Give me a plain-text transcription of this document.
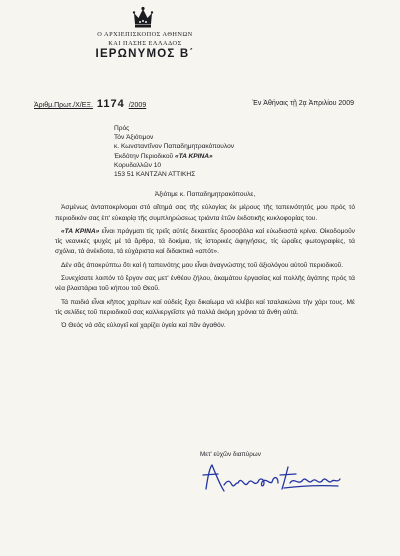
Ο ΑΡΧΙΕΠΙΣΚΟΠΟΣ ΑΘΗΝΩΝ
ΚΑΙ ΠΑΣΗΣ ΕΛΛΑΔΟΣ
ΙΕΡΩΝΥΜΟΣ Β΄
Ἀριθμ.Πρωτ./Χ/ΕΞ. 1174 /2009	Ἐν Ἀθήναις τῇ 2ᾳ Ἀπριλίου 2009
Πρός
Τόν Ἀξιότιμον
κ. Κωνσταντῖνον Παπαδημητρακόπουλον
Ἐκδότην Περιοδικοῦ «ΤΑ ΚΡΙΝΑ»
Κορυδαλλῶν 10
153 51 ΚΑΝΤΖΑΝ ΑΤΤΙΚΗΣ

Ἀξιότιμε κ. Παπαδημητρακόπουλε,

Ἀσμένως ἀνταποκρίνομαι στό αἴτημά σας τῆς εὐλογίας ἐκ μέρους τῆς ταπεινότητός μου πρός τό περιοδικόν σας ἐπ' εὐκαιρίᾳ τῆς συμπληρώσεως τριάντα ἐτῶν ἐκδοτικῆς κυκλοφορίας του.

«ΤΑ ΚΡΙΝΑ» εἶναι πράγματι τίς τρεῖς αὐτές δεκαετίες δροσοβόλα καί εὐωδιαστά κρίνα. Οἰκοδομοῦν τίς νεανικές ψυχές μέ τά ἄρθρα, τά δοκίμια, τίς ἱστορικές ἀφηγήσεις, τίς ὡραῖες φωτογραφίες, τά σχόλια, τά ἀνέκδοτα, τά εὐχάριστα καί διδακτικά «απότ».

Δέν σᾶς ἀποκρύπτω ὅτι καί ἡ ταπεινότης μου εἶναι ἀναγνώστης τοῦ ἀξιολόγου αὐτοῦ περιοδικοῦ.

Συνεχίσατε λοιπόν τό ἔργον σας μετ' ἐνθέου ζήλου, ἀκαμάτου ἐργασίας καί πολλῆς ἀγάπης πρός τά νέα βλαστάρια τοῦ κήπου τοῦ Θεοῦ.

Τά παιδιά εἶναι κῆπος χαρίτων καί οὐδείς ἔχει δικαίωμα νά κλέβει καί τσαλακώνει τήν χάρι τους. Μέ τίς σελίδες τοῦ περιοδικοῦ σας καλλιεργεῖστε γιά πολλά ἀκόμη χρόνια τά ἄνθη αὐτά.

Ὁ Θεός νά σᾶς εὐλογεῖ καί χαρίζει ὑγεία καί πᾶν ἀγαθόν.

Μετ' εὐχῶν διαπύρων
